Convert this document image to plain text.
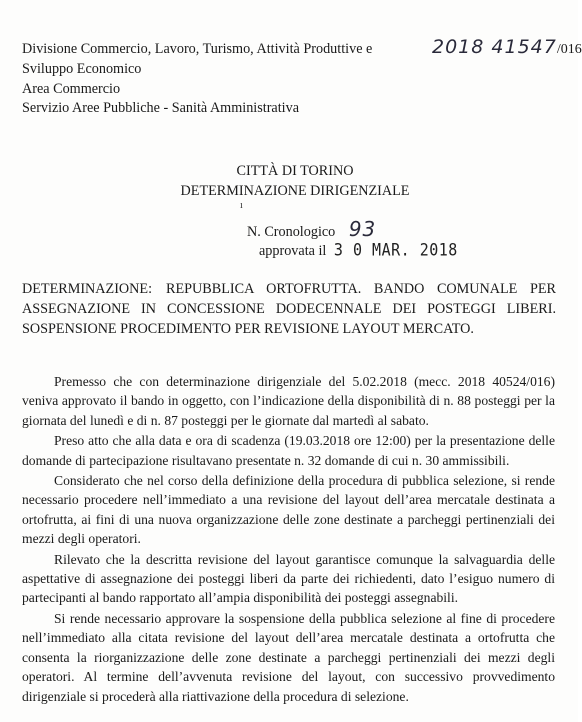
Divisione Commercio, Lavoro, Turismo, Attività Produttive e
Sviluppo Economico
Area Commercio
Servizio Aree Pubbliche - Sanità Amministrativa
2018 41547/016
CITTÀ DI TORINO
DETERMINAZIONE DIRIGENZIALE
ı
N. Cronologico 93
approvata il 3 0 MAR. 2018
DETERMINAZIONE: REPUBBLICA ORTOFRUTTA. BANDO COMUNALE PER ASSEGNAZIONE IN CONCESSIONE DODECENNALE DEI POSTEGGI LIBERI. SOSPENSIONE PROCEDIMENTO PER REVISIONE LAYOUT MERCATO.

Premesso che con determinazione dirigenziale del 5.02.2018 (mecc. 2018 40524/016) veniva approvato il bando in oggetto, con l’indicazione della disponibilità di n. 88 posteggi per la giornata del lunedì e di n. 87 posteggi per le giornate dal martedì al sabato.

Preso atto che alla data e ora di scadenza (19.03.2018 ore 12:00) per la presentazione delle domande di partecipazione risultavano presentate n. 32 domande di cui n. 30 ammissibili.

Considerato che nel corso della definizione della procedura di pubblica selezione, si rende necessario procedere nell’immediato a una revisione del layout dell’area mercatale destinata a ortofrutta, ai fini di una nuova organizzazione delle zone destinate a parcheggi pertinenziali dei mezzi degli operatori.

Rilevato che la descritta revisione del layout garantisce comunque la salvaguardia delle aspettative di assegnazione dei posteggi liberi da parte dei richiedenti, dato l’esiguo numero di partecipanti al bando rapportato all’ampia disponibilità dei posteggi assegnabili.

Si rende necessario approvare la sospensione della pubblica selezione al fine di procedere nell’immediato alla citata revisione del layout dell’area mercatale destinata a ortofrutta che consenta la riorganizzazione delle zone destinate a parcheggi pertinenziali dei mezzi degli operatori. Al termine dell’avvenuta revisione del layout, con successivo provvedimento dirigenziale si procederà alla riattivazione della procedura di selezione.
